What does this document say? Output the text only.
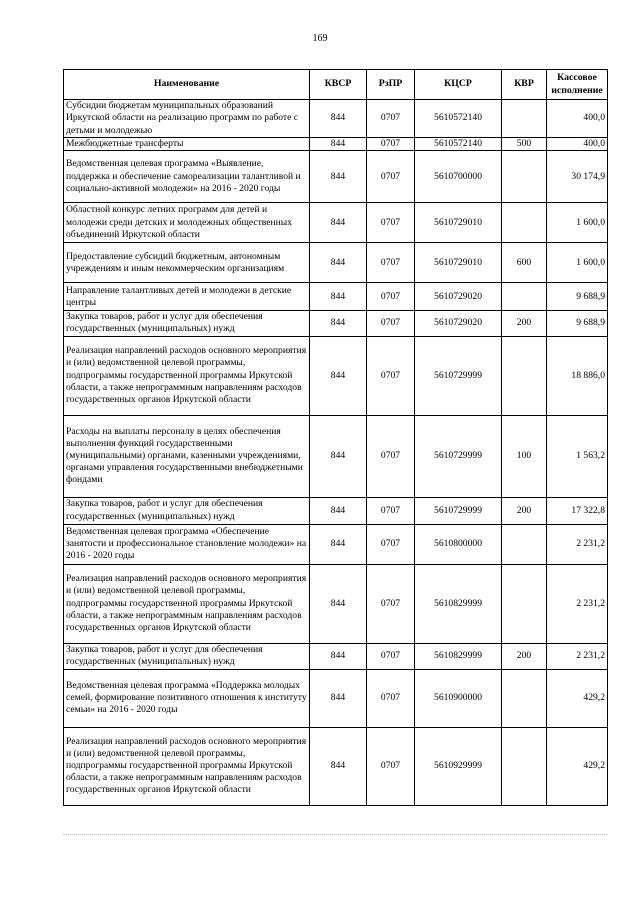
169
Наименование	КВСР	РзПР	КЦСР	КВР	Кассовое исполнение
Субсидии бюджетам муниципальных образований Иркутской области на реализацию программ по работе с детьми и молодежью	844	0707	5610572140		400,0
Межбюджетные трансферты	844	0707	5610572140	500	400,0
Ведомственная целевая программа «Выявление, поддержка и обеспечение самореализации талантливой и социально-активной молодежи» на 2016 - 2020 годы	844	0707	5610700000		30 174,9
Областной конкурс летних программ для детей и молодежи среди детских и молодежных общественных объединений Иркутской области	844	0707	5610729010		1 600,0
Предоставление субсидий бюджетным, автономным учреждениям и иным некоммерческим организациям	844	0707	5610729010	600	1 600,0
Направление талантливых детей и молодежи в детские центры	844	0707	5610729020		9 688,9
Закупка товаров, работ и услуг для обеспечения государственных (муниципальных) нужд	844	0707	5610729020	200	9 688,9
Реализация направлений расходов основного мероприятия и (или) ведомственной целевой программы, подпрограммы государственной программы Иркутской области, а также непрограммным направлениям расходов государственных органов Иркутской области	844	0707	5610729999		18 886,0
Расходы на выплаты персоналу в целях обеспечения выполнения функций государственными (муниципальными) органами, казенными учреждениями, органами управления государственными внебюджетными фондами	844	0707	5610729999	100	1 563,2
Закупка товаров, работ и услуг для обеспечения государственных (муниципальных) нужд	844	0707	5610729999	200	17 322,8
Ведомственная целевая программа «Обеспечение занятости и профессиональное становление молодежи» на 2016 - 2020 годы	844	0707	5610800000		2 231,2
Реализация направлений расходов основного мероприятия и (или) ведомственной целевой программы, подпрограммы государственной программы Иркутской области, а также непрограммным направлениям расходов государственных органов Иркутской области	844	0707	5610829999		2 231,2
Закупка товаров, работ и услуг для обеспечения государственных (муниципальных) нужд	844	0707	5610829999	200	2 231,2
Ведомственная целевая программа «Поддержка молодых семей, формирование позитивного отношения к институту семьи» на 2016 - 2020 годы	844	0707	5610900000		429,2
Реализация направлений расходов основного мероприятия и (или) ведомственной целевой программы, подпрограммы государственной программы Иркутской области, а также непрограммным направлениям расходов государственных органов Иркутской области	844	0707	5610929999		429,2
